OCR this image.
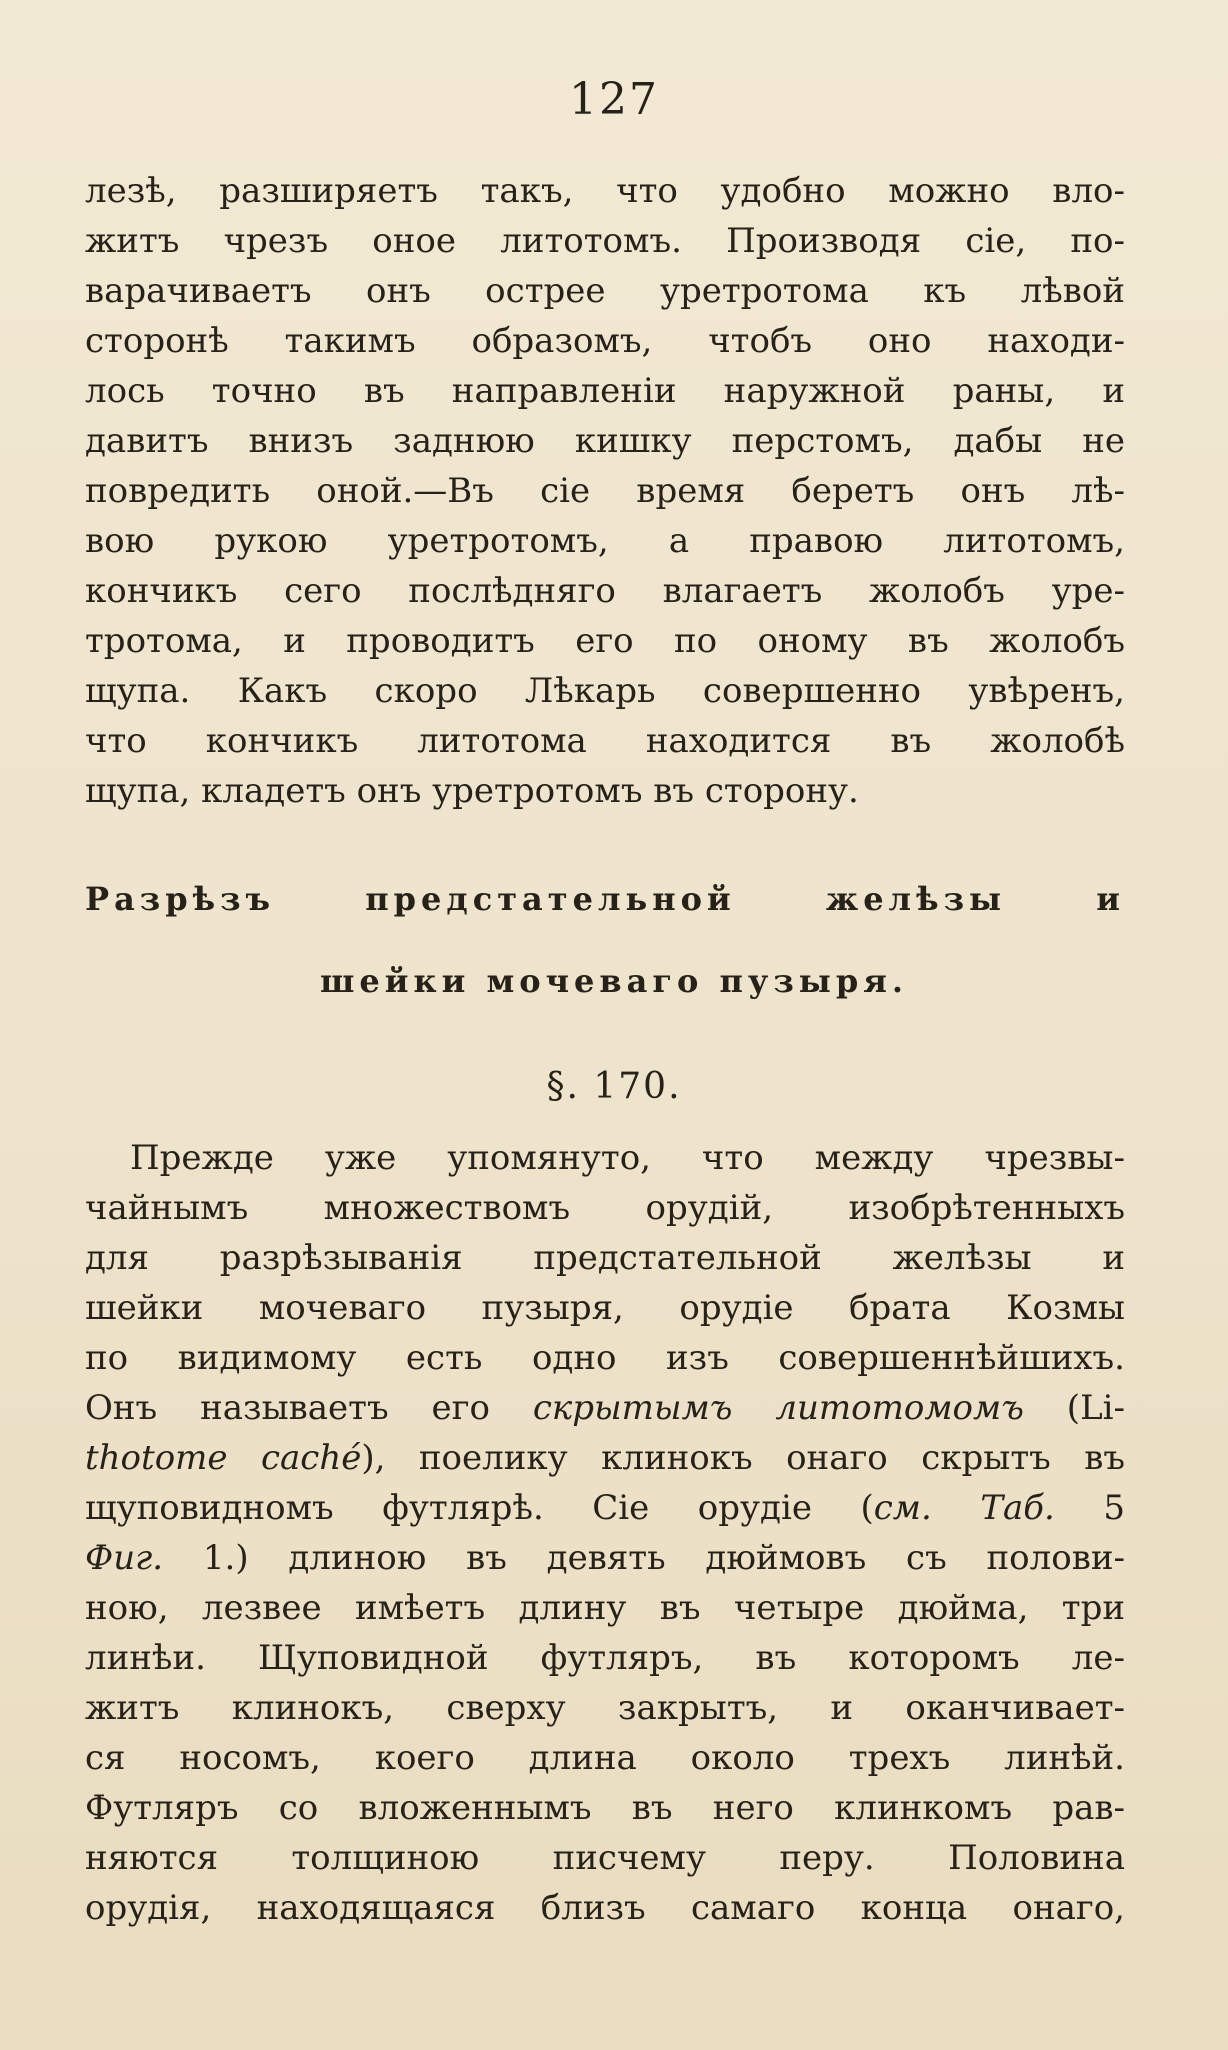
127

лезѣ, разширяетъ такъ, что удобно можно вло-

житъ чрезъ оное литотомъ. Производя сіе, по-

варачиваетъ онъ острее уретротома къ лѣвой

сторонѣ такимъ образомъ, чтобъ оно находи-

лось точно въ направленіи наружной раны, и

давитъ внизъ заднюю кишку перстомъ, дабы не

повредить оной.—Въ сіе время беретъ онъ лѣ-

вою рукою уретротомъ, а правою литотомъ,

кончикъ сего послѣдняго влагаетъ жолобъ уре-

тротома, и проводитъ его по оному въ жолобъ

щупа. Какъ скоро Лѣкарь совершенно увѣренъ,

что кончикъ литотома находится въ жолобѣ

щупа, кладетъ онъ уретротомъ въ сторону.

Разрѣзъ предстательной желѣзы и
шейки мочеваго пузыря.
§. 170.

Прежде уже упомянуто, что между чрезвы-

чайнымъ множествомъ орудій, изобрѣтенныхъ

для разрѣзыванія предстательной желѣзы и

шейки мочеваго пузыря, орудіе брата Козмы

по видимому есть одно изъ совершеннѣйшихъ.

Онъ называетъ его скрытымъ литотомомъ (Li-

thotome caché), поелику клинокъ онаго скрытъ въ

щуповидномъ футлярѣ. Сіе орудіе (см. Таб. 5

Фиг. 1.) длиною въ девять дюймовъ съ полови-

ною, лезвее имѣетъ длину въ четыре дюйма, три

линѣи. Щуповидной футляръ, въ которомъ ле-

житъ клинокъ, сверху закрытъ, и оканчивает-

ся носомъ, коего длина около трехъ линѣй.

Футляръ со вложеннымъ въ него клинкомъ рав-

няются толщиною писчему перу. Половина

орудія, находящаяся близъ самаго конца онаго,
